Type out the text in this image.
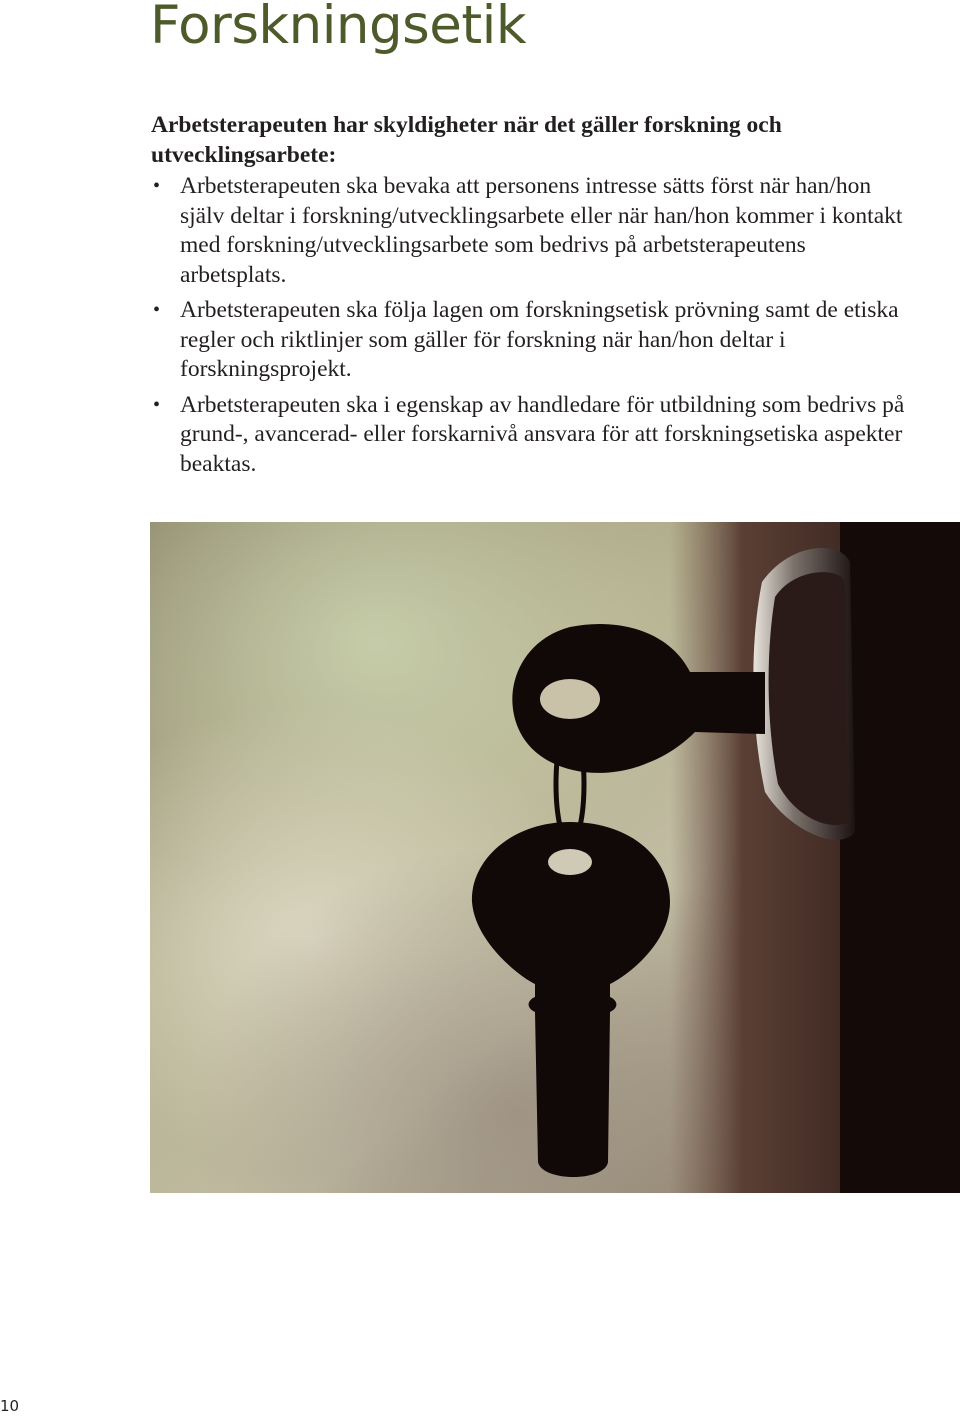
Forskningsetik

Arbetsterapeuten har skyldigheter när det gäller forskning och utvecklingsarbete:

• Arbetsterapeuten ska bevaka att personens intresse sätts först när han/hon själv deltar i forskning/utvecklingsarbete eller när han/hon kommer i kontakt med forskning/utvecklingsarbete som bedrivs på arbetsterapeutens arbetsplats.
• Arbetsterapeuten ska följa lagen om forskningsetisk prövning samt de etiska regler och riktlinjer som gäller för forskning när han/hon deltar i forskningsprojekt.
• Arbetsterapeuten ska i egenskap av handledare för utbildning som bedrivs på grund-, avancerad- eller forskarnivå ansvara för att forskningsetiska aspekter beaktas.
10
